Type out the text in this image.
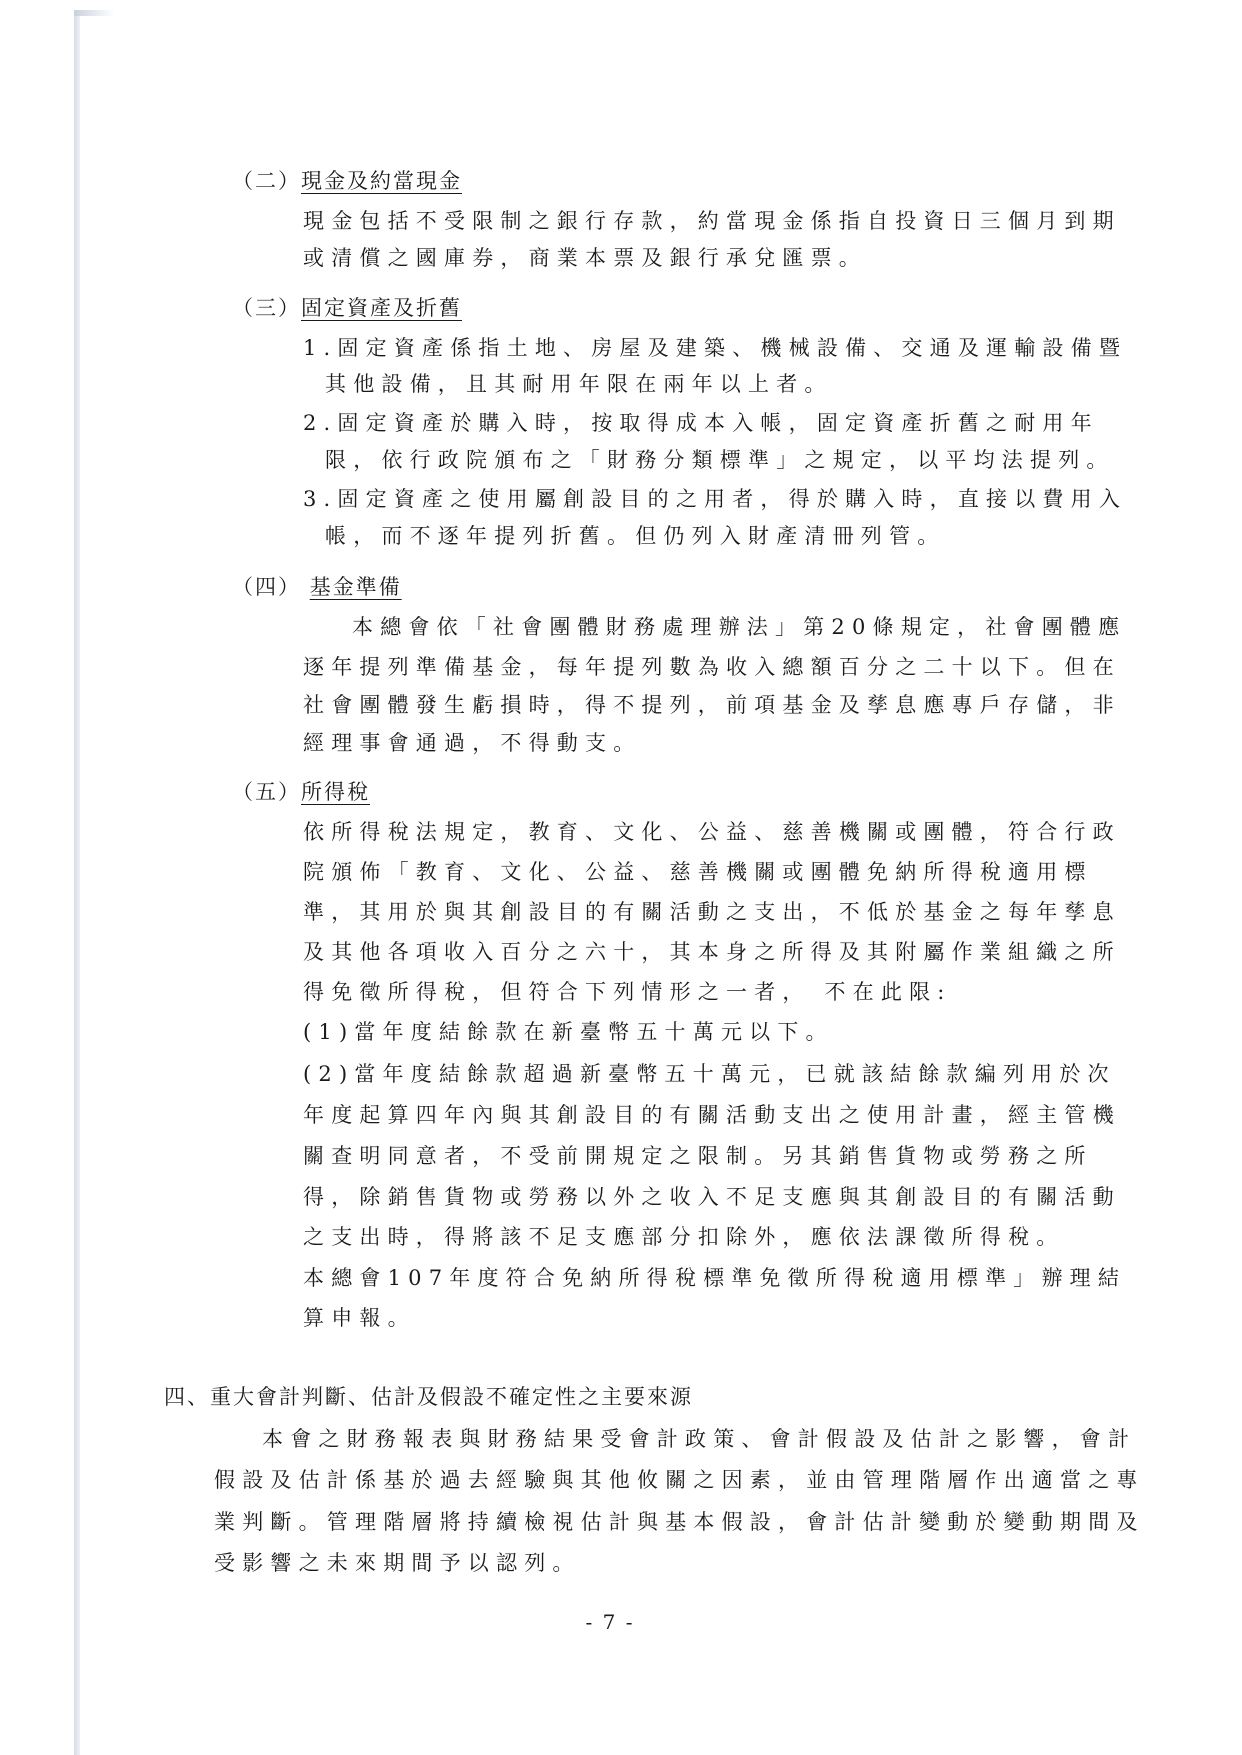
（二）現金及約當現金
現金包括不受限制之銀行存款，約當現金係指自投資日三個月到期
或清償之國庫券，商業本票及銀行承兌匯票。
（三）固定資產及折舊
1.固定資產係指土地、房屋及建築、機械設備、交通及運輸設備暨
其他設備，且其耐用年限在兩年以上者。
2.固定資產於購入時，按取得成本入帳，固定資產折舊之耐用年
限，依行政院頒布之「財務分類標準」之規定，以平均法提列。
3.固定資產之使用屬創設目的之用者，得於購入時，直接以費用入
帳，而不逐年提列折舊。但仍列入財產清冊列管。
（四） 基金準備
本總會依「社會團體財務處理辦法」第20條規定，社會團體應
逐年提列準備基金，每年提列數為收入總額百分之二十以下。但在
社會團體發生虧損時，得不提列，前項基金及孳息應專戶存儲，非
經理事會通過，不得動支。
（五）所得稅
依所得稅法規定，教育、文化、公益、慈善機關或團體，符合行政
院頒佈「教育、文化、公益、慈善機關或團體免納所得稅適用標
準，其用於與其創設目的有關活動之支出，不低於基金之每年孳息
及其他各項收入百分之六十，其本身之所得及其附屬作業組織之所
得免徵所得稅，但符合下列情形之一者， 不在此限:
(1)當年度結餘款在新臺幣五十萬元以下。
(2)當年度結餘款超過新臺幣五十萬元，已就該結餘款編列用於次
年度起算四年內與其創設目的有關活動支出之使用計畫，經主管機
關查明同意者，不受前開規定之限制。另其銷售貨物或勞務之所
得，除銷售貨物或勞務以外之收入不足支應與其創設目的有關活動
之支出時，得將該不足支應部分扣除外，應依法課徵所得稅。
本總會107年度符合免納所得稅標準免徵所得稅適用標準」辦理結
算申報。
四、重大會計判斷、估計及假設不確定性之主要來源
本會之財務報表與財務結果受會計政策、會計假設及估計之影響，會計
假設及估計係基於過去經驗與其他攸關之因素，並由管理階層作出適當之專
業判斷。管理階層將持續檢視估計與基本假設，會計估計變動於變動期間及
受影響之未來期間予以認列。
- 7 -
